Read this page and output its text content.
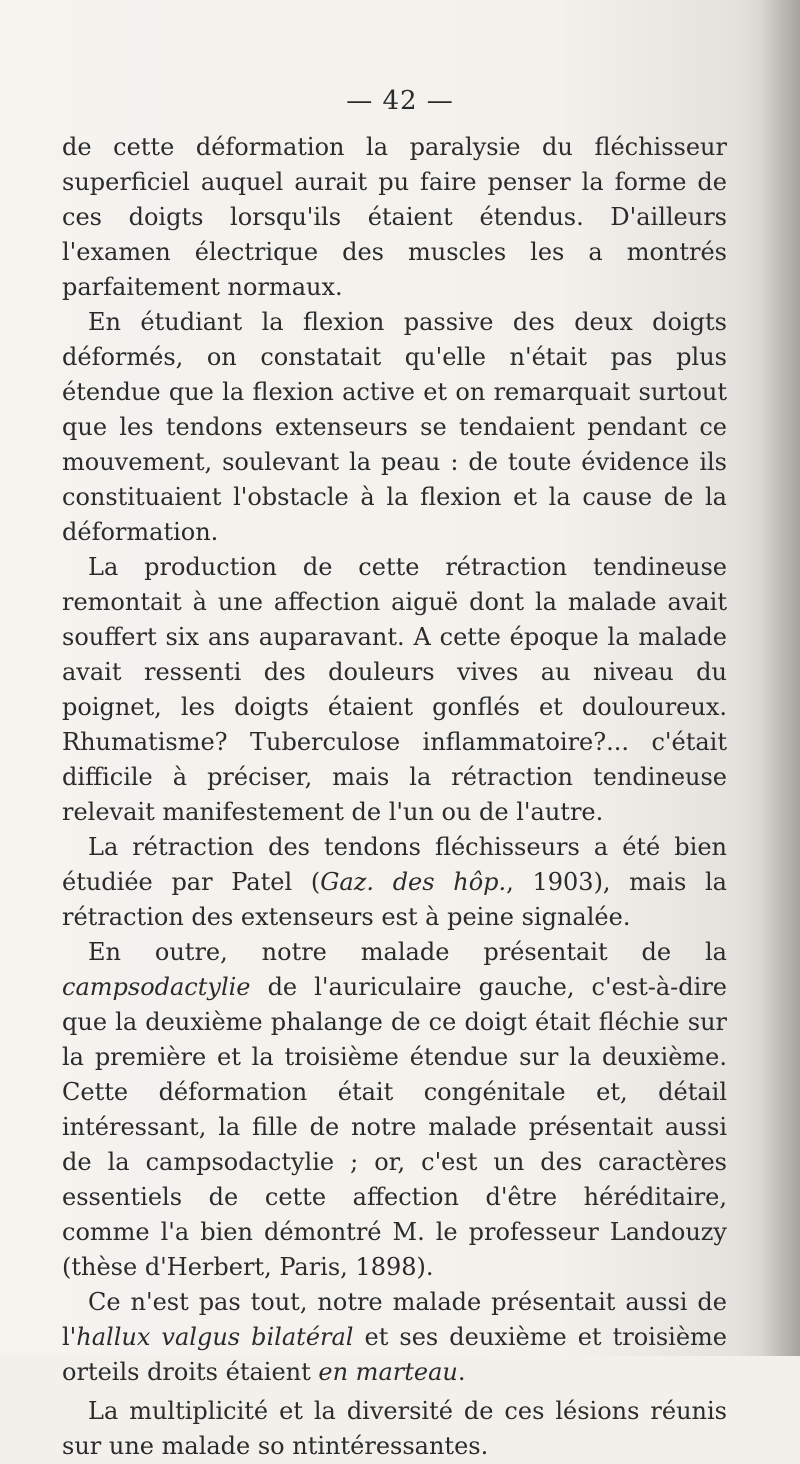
— 42 —

de cette déformation la paralysie du fléchisseur superficiel auquel aurait pu faire penser la forme de ces doigts lorsqu'ils étaient étendus. D'ailleurs l'examen électrique des muscles les a montrés parfaitement normaux.

En étudiant la flexion passive des deux doigts déformés, on constatait qu'elle n'était pas plus étendue que la flexion active et on remarquait surtout que les tendons extenseurs se tendaient pendant ce mouvement, soulevant la peau : de toute évidence ils constituaient l'obstacle à la flexion et la cause de la déformation.

La production de cette rétraction tendineuse remontait à une affection aiguë dont la malade avait souffert six ans auparavant. A cette époque la malade avait ressenti des douleurs vives au niveau du poignet, les doigts étaient gonflés et douloureux. Rhumatisme? Tuberculose inflammatoire?... c'était difficile à préciser, mais la rétraction tendineuse relevait manifestement de l'un ou de l'autre.

La rétraction des tendons fléchisseurs a été bien étudiée par Patel (Gaz. des hôp., 1903), mais la rétraction des extenseurs est à peine signalée.

En outre, notre malade présentait de la campsodactylie de l'auriculaire gauche, c'est-à-dire que la deuxième phalange de ce doigt était fléchie sur la première et la troisième étendue sur la deuxième. Cette déformation était congénitale et, détail intéressant, la fille de notre malade présentait aussi de la campsodactylie ; or, c'est un des caractères essentiels de cette affection d'être héréditaire, comme l'a bien démontré M. le professeur Landouzy (thèse d'Herbert, Paris, 1898).

Ce n'est pas tout, notre malade présentait aussi de l'hallux valgus bilatéral et ses deuxième et troisième orteils droits étaient en marteau.

La multiplicité et la diversité de ces lésions réunis sur une malade so ntintéressantes.
